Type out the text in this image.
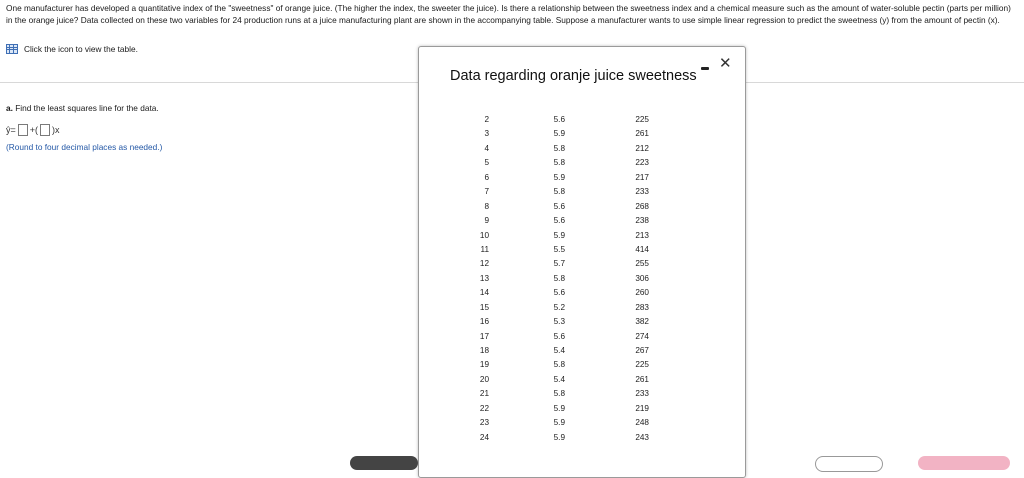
One manufacturer has developed a quantitative index of the "sweetness" of orange juice. (The higher the index, the sweeter the juice). Is there a relationship between the sweetness index and a chemical measure such as the amount of water-soluble pectin (parts per million) in the orange juice? Data collected on these two variables for 24 production runs at a juice manufacturing plant are shown in the accompanying table. Suppose a manufacturer wants to use simple linear regression to predict the sweetness (y) from the amount of pectin (x).
Click the icon to view the table.
a. Find the least squares line for the data.
ŷ = + ( ) x
(Round to four decimal places as needed.)
Data regarding oranje juice sweetness
✕
2	5.6	225
3	5.9	261
4	5.8	212
5	5.8	223
6	5.9	217
7	5.8	233
8	5.6	268
9	5.6	238
10	5.9	213
11	5.5	414
12	5.7	255
13	5.8	306
14	5.6	260
15	5.2	283
16	5.3	382
17	5.6	274
18	5.4	267
19	5.8	225
20	5.4	261
21	5.8	233
22	5.9	219
23	5.9	248
24	5.9	243
